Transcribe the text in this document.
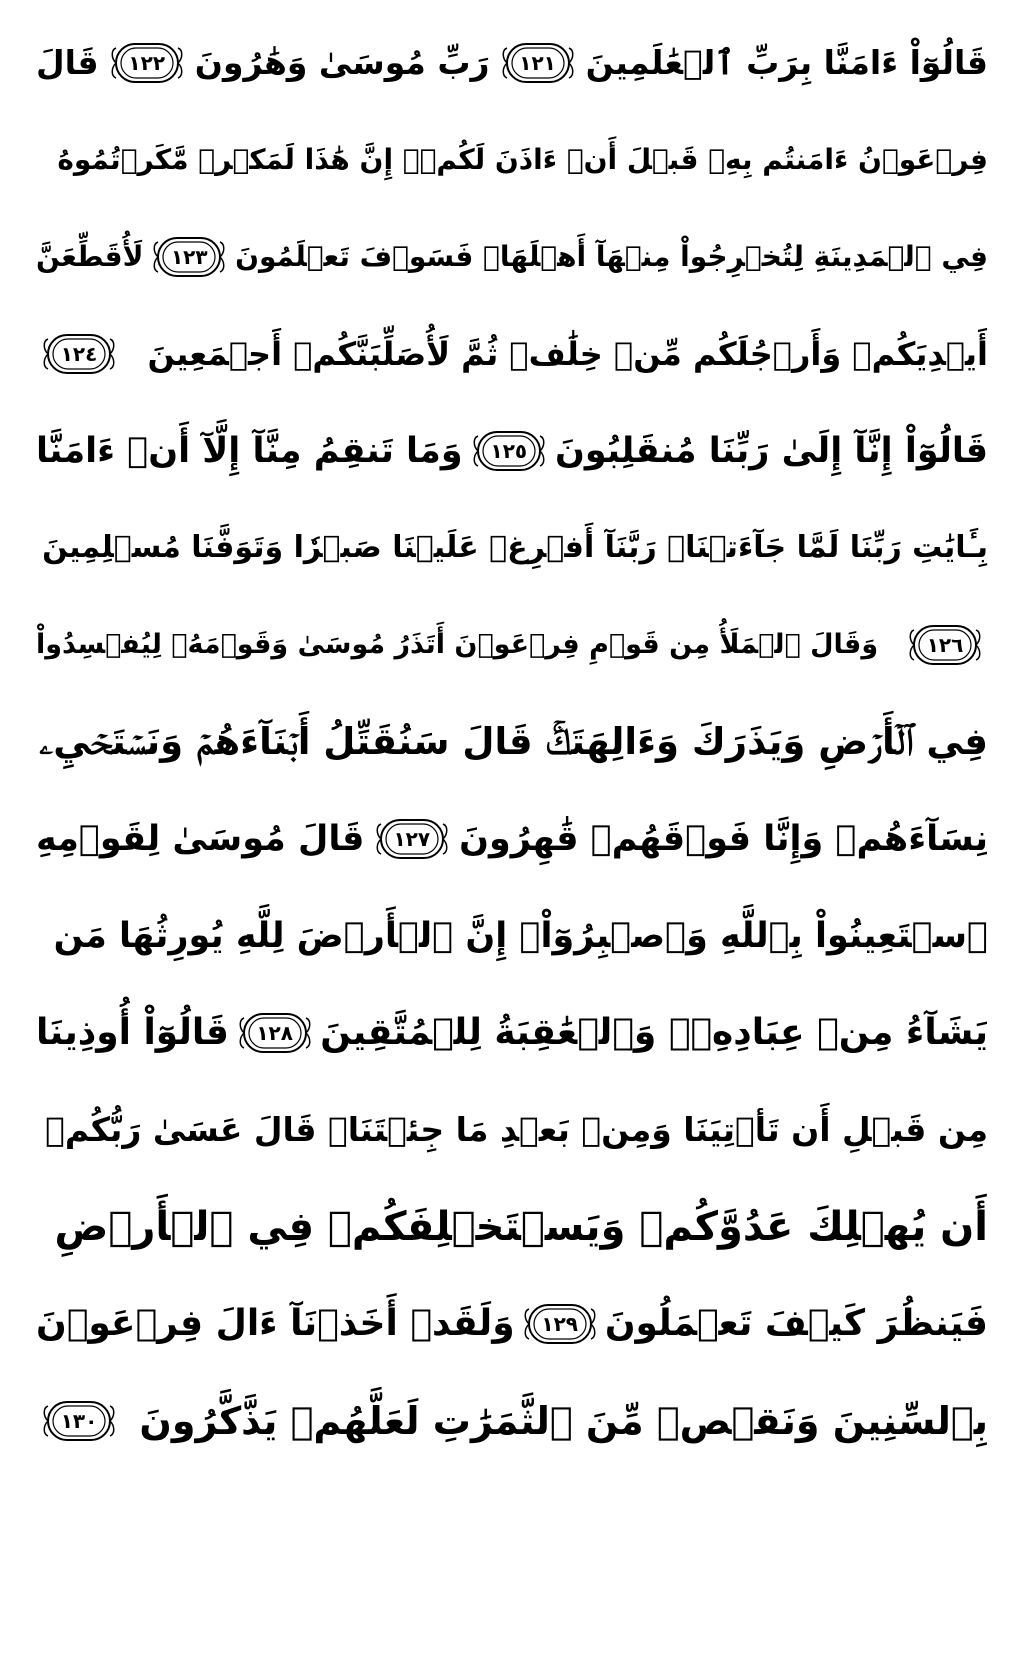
قَالُوٓاْ ءَامَنَّا بِرَبِّ ٱلۡعَٰلَمِينَ
١٢١
رَبِّ مُوسَىٰ وَهَٰرُونَ
١٢٢
قَالَ
فِرۡعَوۡنُ ءَامَنتُم بِهِۦ قَبۡلَ أَنۡ ءَاذَنَ لَكُمۡۖ إِنَّ هَٰذَا لَمَكۡرٞ مَّكَرۡتُمُوهُ
فِي ٱلۡمَدِينَةِ لِتُخۡرِجُواْ مِنۡهَآ أَهۡلَهَاۖ فَسَوۡفَ تَعۡلَمُونَ
١٢٣
لَأُقَطِّعَنَّ
أَيۡدِيَكُمۡ وَأَرۡجُلَكُم مِّنۡ خِلَٰفٖ ثُمَّ لَأُصَلِّبَنَّكُمۡ أَجۡمَعِينَ
١٢٤
قَالُوٓاْ إِنَّآ إِلَىٰ رَبِّنَا مُنقَلِبُونَ
١٢٥
وَمَا تَنقِمُ مِنَّآ إِلَّآ أَنۡ ءَامَنَّا
بِـَٔايَٰتِ رَبِّنَا لَمَّا جَآءَتۡنَاۚ رَبَّنَآ أَفۡرِغۡ عَلَيۡنَا صَبۡرٗا وَتَوَفَّنَا مُسۡلِمِينَ
١٢٦
وَقَالَ ٱلۡمَلَأُ مِن قَوۡمِ فِرۡعَوۡنَ أَتَذَرُ مُوسَىٰ وَقَوۡمَهُۥ لِيُفۡسِدُواْ
فِي ٱلۡأَرۡضِ وَيَذَرَكَ وَءَالِهَتَكَۚ قَالَ سَنُقَتِّلُ أَبۡنَآءَهُمۡ وَنَسۡتَحۡيِۦ
نِسَآءَهُمۡ وَإِنَّا فَوۡقَهُمۡ قَٰهِرُونَ
١٢٧
قَالَ مُوسَىٰ لِقَوۡمِهِ
ٱسۡتَعِينُواْ بِٱللَّهِ وَٱصۡبِرُوٓاْۖ إِنَّ ٱلۡأَرۡضَ لِلَّهِ يُورِثُهَا مَن
يَشَآءُ مِنۡ عِبَادِهِۦۖ وَٱلۡعَٰقِبَةُ لِلۡمُتَّقِينَ
١٢٨
قَالُوٓاْ أُوذِينَا
مِن قَبۡلِ أَن تَأۡتِيَنَا وَمِنۢ بَعۡدِ مَا جِئۡتَنَاۚ قَالَ عَسَىٰ رَبُّكُمۡ
أَن يُهۡلِكَ عَدُوَّكُمۡ وَيَسۡتَخۡلِفَكُمۡ فِي ٱلۡأَرۡضِ
فَيَنظُرَ كَيۡفَ تَعۡمَلُونَ
١٢٩
وَلَقَدۡ أَخَذۡنَآ ءَالَ فِرۡعَوۡنَ
بِٱلسِّنِينَ وَنَقۡصٖ مِّنَ ٱلثَّمَرَٰتِ لَعَلَّهُمۡ يَذَّكَّرُونَ
١٣٠
